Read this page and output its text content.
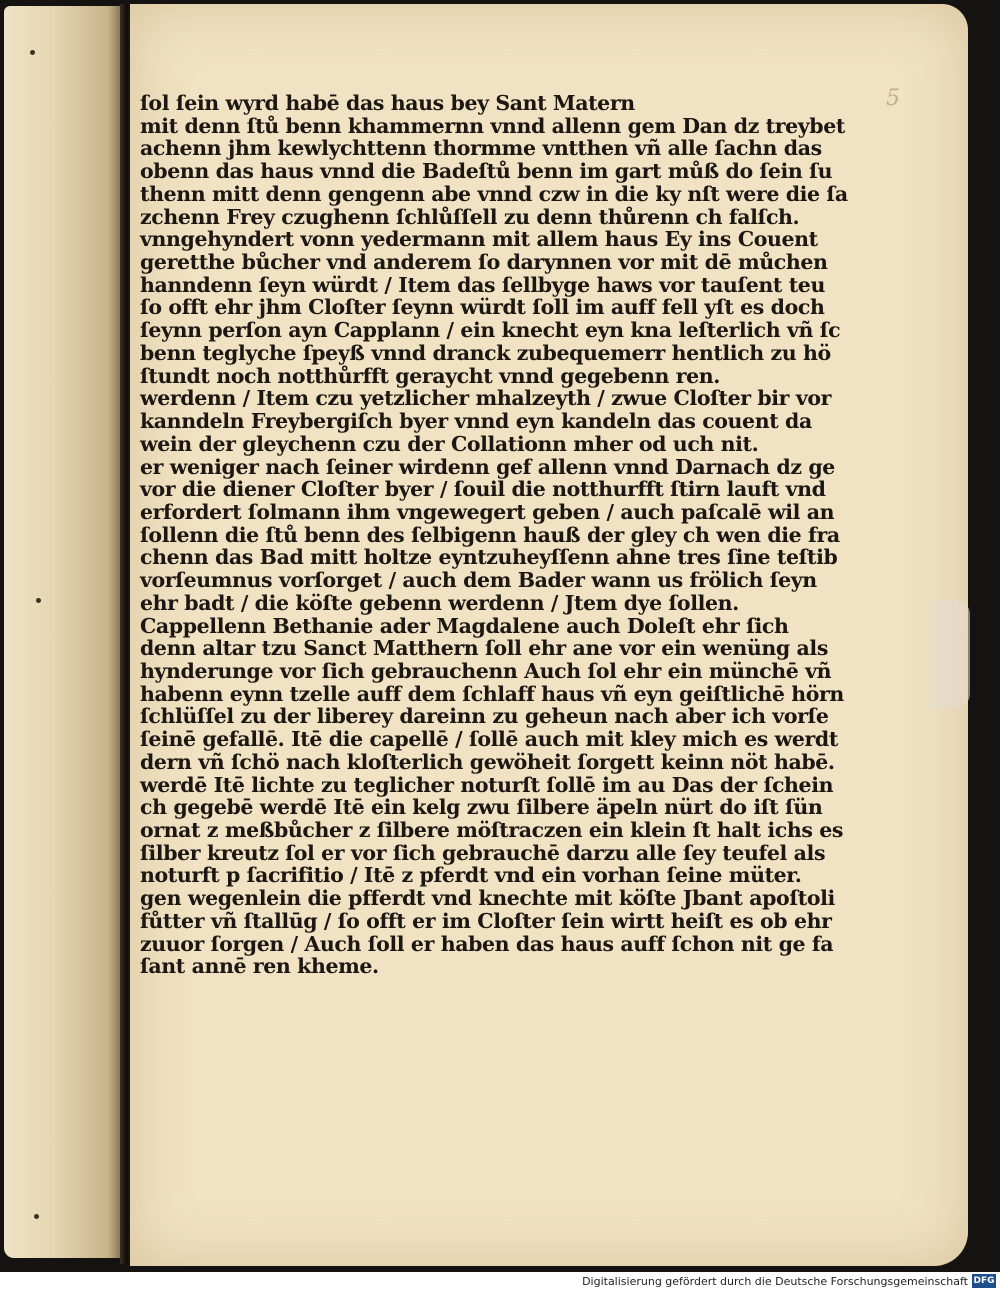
5
ſol ſein wyrd habē das haus bey Sant Matern
mit denn ſtů benn khammernn vnnd allenn gem Dan dz treybet
achenn jhm kewlychttenn thormme vntthen vñ alle ſachn das
obenn das haus vnnd die Badeſtů benn im gart můß do ſein ſu
thenn mitt denn gengenn abe vnnd czw in die ky nſt were die ſa
zchenn Frey czughenn ſchlůſſell zu denn thůrenn ch falſch.
vnngehyndert vonn yedermann mit allem haus Ey ins Couent
geretthe bůcher vnd anderem ſo darynnen vor mit dē můchen
hanndenn ſeyn würdt / Item das ſellbyge haws vor tauſent teu
ſo offt ehr jhm Cloſter ſeynn würdt ſoll im auff fell yſt es doch
ſeynn perſon ayn Capplann / ein knecht eyn kna leſterlich vñ ſc
benn teglyche ſpeyß vnnd dranck zubequemerr hentlich zu hö
ſtundt noch notthůrfft geraycht vnnd gegebenn ren.
werdenn / Item czu yetzlicher mhalzeyth / zwue Cloſter bir vor
kanndeln Freybergiſch byer vnnd eyn kandeln das couent da
wein der gleychenn czu der Collationn mher od uch nit.
er weniger nach ſeiner wirdenn gef allenn vnnd Darnach dz ge
vor die diener Cloſter byer / ſouil die notthurfft ſtirn lauft vnd
erfordert ſolmann ihm vngewegert geben / auch paſcalē wil an
ſollenn die ſtů benn des ſelbigenn hauß der gley ch wen die fra
chenn das Bad mitt holtze eyntzuheyſſenn ahne tres ſine teſtib
vorſeumnus vorſorget / auch dem Bader wann us frölich ſeyn
ehr badt / die köſte gebenn werdenn / Jtem dye ſollen.
Cappellenn Bethanie ader Magdalene auch Doleſt ehr ſich
denn altar tzu Sanct Matthern ſoll ehr ane vor ein wenüng als
hynderunge vor ſich gebrauchenn Auch ſol ehr ein münchē vñ
habenn eynn tzelle auff dem ſchlaff haus vñ eyn geiſtlichē hörn
ſchlüſſel zu der liberey dareinn zu geheun nach aber ich vorſe
ſeinē gefallē. Itē die capellē / ſollē auch mit kley mich es werdt
dern vñ ſchö nach kloſterlich gewöheit ſorgett keinn nöt habē.
werdē Itē lichte zu teglicher noturſt ſollē im au Das der ſchein
ch gegebē werdē Itē ein kelg zwu ſilbere äpeln nürt do iſt ſün
ornat z meßbůcher z ſilbere möſtraczen ein klein ſt halt ichs es
ſilber kreutz ſol er vor ſich gebrauchē darzu alle ſey teufel als
noturft p ſacrifitio / Itē z pferdt vnd ein vorhan ſeine müter.
gen wegenlein die pfferdt vnd knechte mit köſte Jbant apoſtoli
fůtter vñ ſtallūg / ſo offt er im Cloſter ſein wirtt heiſt es ob ehr
zuuor ſorgen / Auch ſoll er haben das haus auff ſchon nit ge fa
ſant annē ren kheme.
Digitalisierung gefördert durch die Deutsche Forschungsgemeinschaft DFG
